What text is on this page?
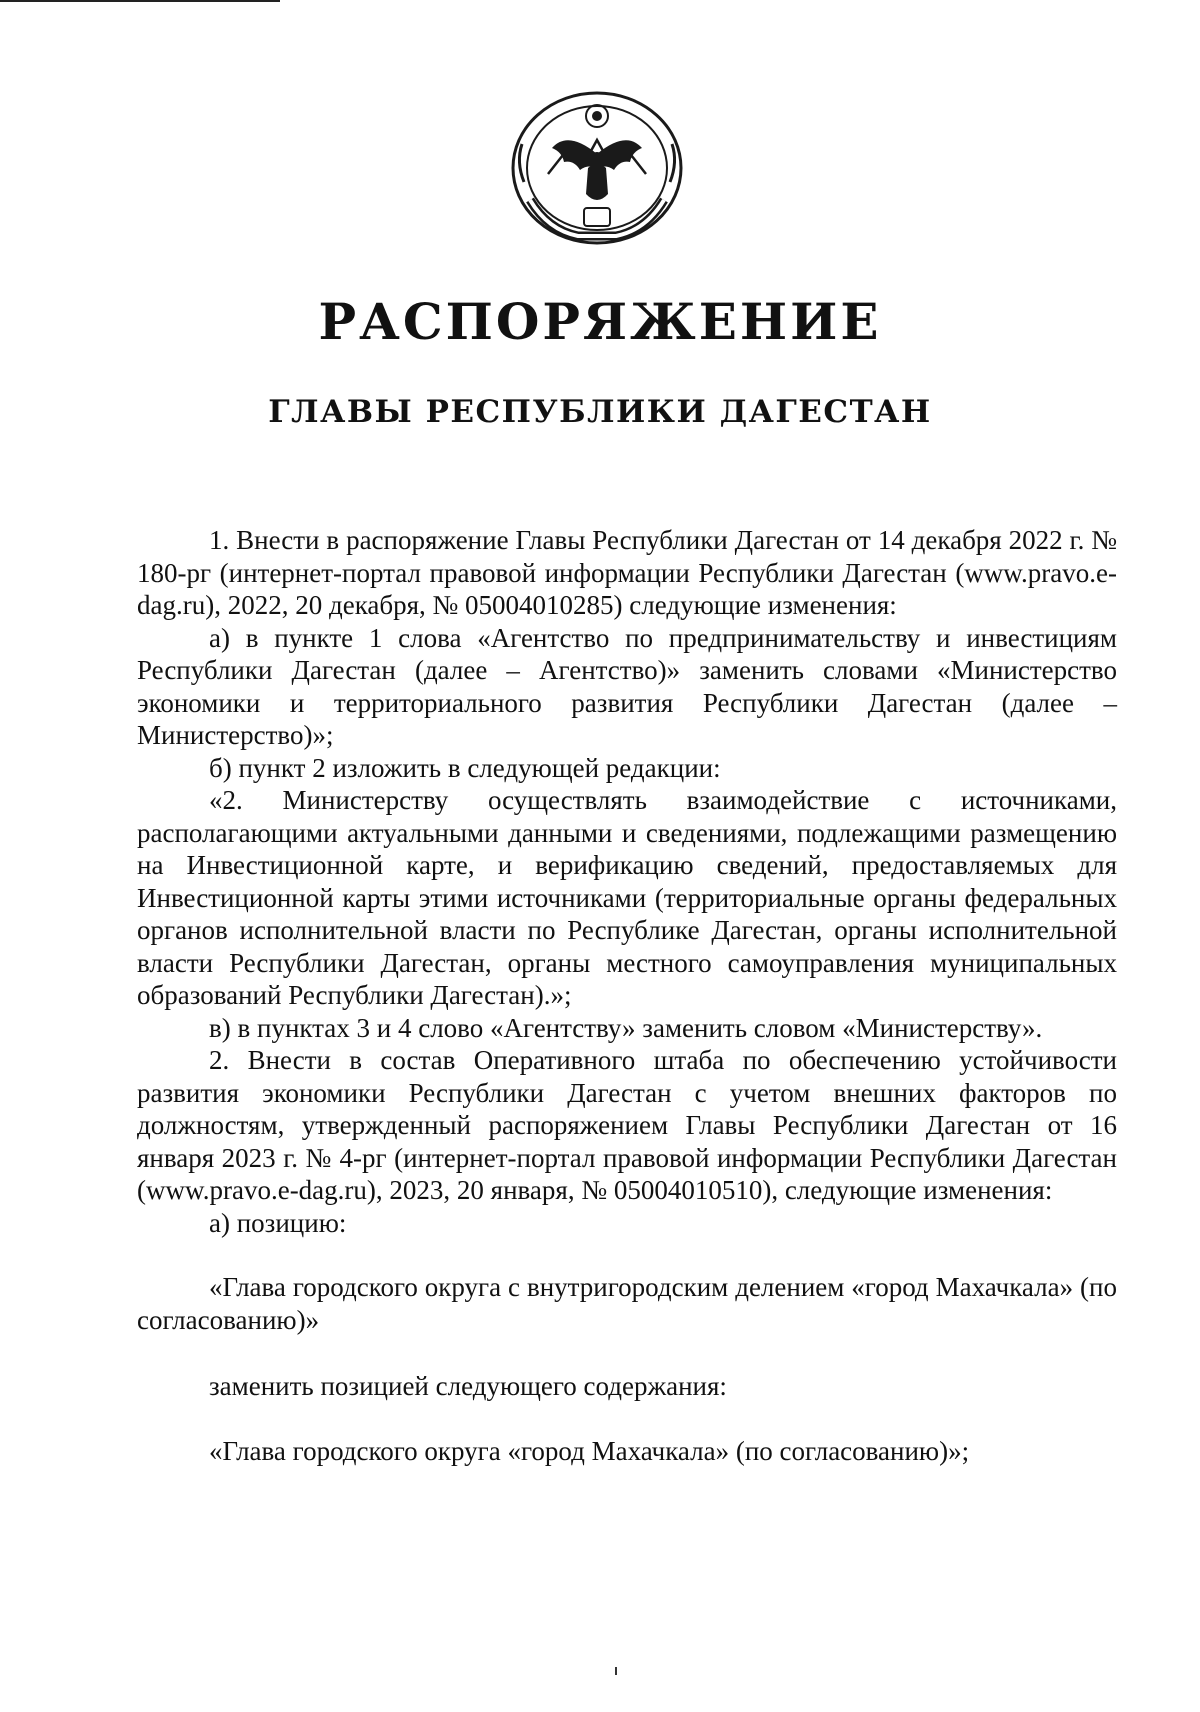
РАСПОРЯЖЕНИЕ
ГЛАВЫ РЕСПУБЛИКИ ДАГЕСТАН

1. Внести в распоряжение Главы Республики Дагестан от 14 декабря 2022 г. № 180-рг (интернет-портал правовой информации Республики Дагестан (www.pravo.e-dag.ru), 2022, 20 декабря, № 05004010285) следующие изменения:

а) в пункте 1 слова «Агентство по предпринимательству и инвестициям Республики Дагестан (далее – Агентство)» заменить словами «Министерство экономики и территориального развития Республики Дагестан (далее – Министерство)»;

б) пункт 2 изложить в следующей редакции:

«2. Министерству осуществлять взаимодействие с источниками, располагающими актуальными данными и сведениями, подлежащими размещению на Инвестиционной карте, и верификацию сведений, предоставляемых для Инвестиционной карты этими источниками (территориальные органы федеральных органов исполнительной власти по Республике Дагестан, органы исполнительной власти Республики Дагестан, органы местного самоуправления муниципальных образований Республики Дагестан).»;

в) в пунктах 3 и 4 слово «Агентству» заменить словом «Министерству».

2. Внести в состав Оперативного штаба по обеспечению устойчивости развития экономики Республики Дагестан с учетом внешних факторов по должностям, утвержденный распоряжением Главы Республики Дагестан от 16 января 2023 г. № 4-рг (интернет-портал правовой информации Республики Дагестан (www.pravo.e-dag.ru), 2023, 20 января, № 05004010510), следующие изменения:

а) позицию:

«Глава городского округа с внутригородским делением «город Махачкала» (по согласованию)»

заменить позицией следующего содержания:

«Глава городского округа «город Махачкала» (по согласованию)»;
